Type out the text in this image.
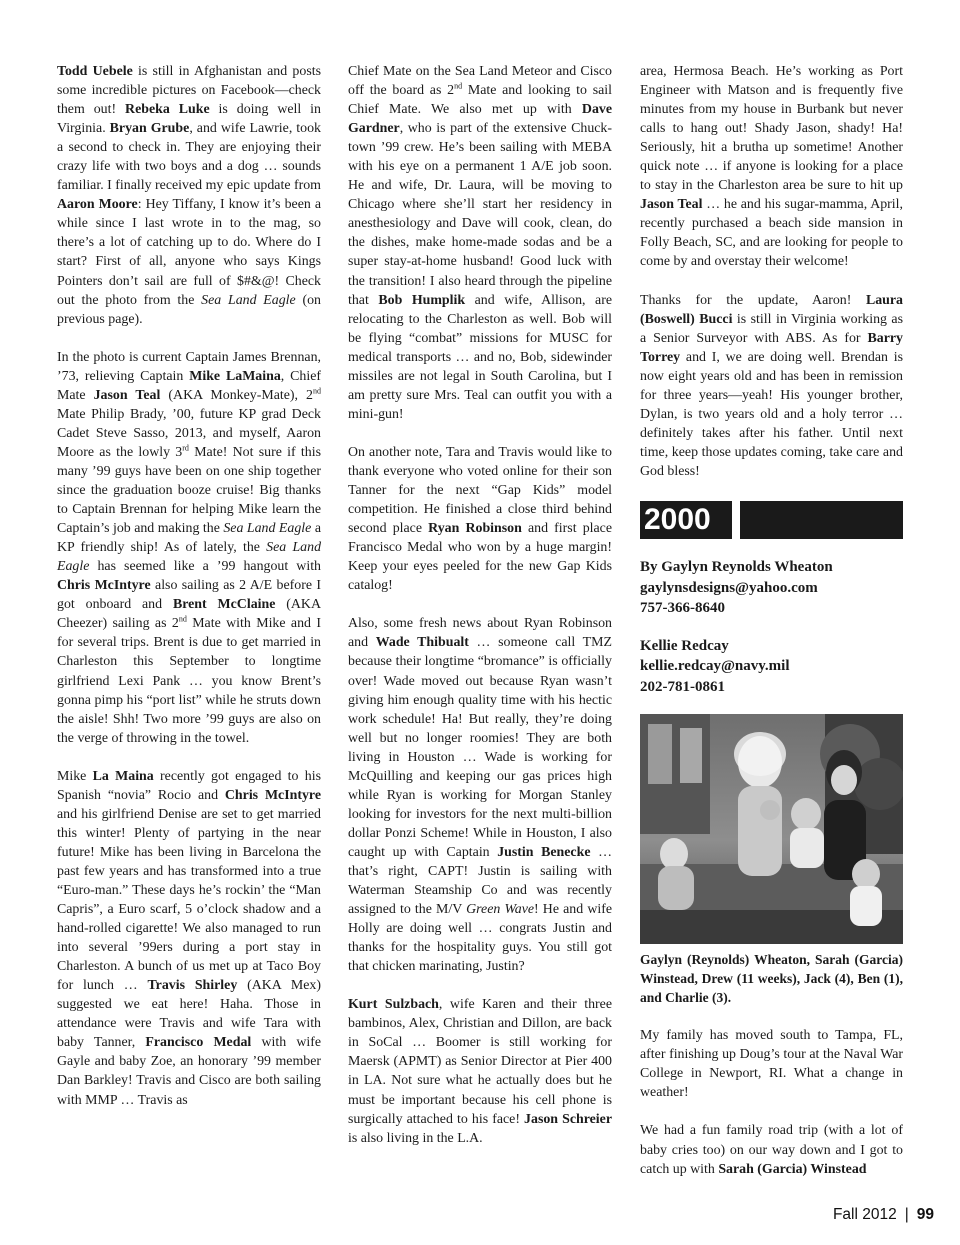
Todd Uebele is still in Afghanistan and posts some incredible pictures on Facebook—check them out! Rebeka Luke is doing well in Virginia. Bryan Grube, and wife Lawrie, took a second to check in. They are enjoying their crazy life with two boys and a dog … sounds familiar. I finally received my epic update from Aaron Moore: Hey Tiffany, I know it’s been a while since I last wrote in to the mag, so there’s a lot of catching up to do. Where do I start? First of all, anyone who says Kings Pointers don’t sail are full of $#&@! Check out the photo from the Sea Land Eagle (on previous page).

In the photo is current Captain James Brennan, ’73, relieving Captain Mike LaMaina, Chief Mate Jason Teal (AKA Monkey-Mate), 2nd Mate Philip Brady, ’00, future KP grad Deck Cadet Steve Sasso, 2013, and myself, Aaron Moore as the lowly 3rd Mate! Not sure if this many ’99 guys have been on one ship together since the graduation booze cruise! Big thanks to Captain Brennan for helping Mike learn the Captain’s job and making the Sea Land Eagle a KP friendly ship! As of lately, the Sea Land Eagle has seemed like a ’99 hangout with Chris McIntyre also sailing as 2 A/E before I got onboard and Brent McClaine (AKA Cheezer) sailing as 2nd Mate with Mike and I for several trips. Brent is due to get married in Charleston this September to longtime girlfriend Lexi Pank … you know Brent’s gonna pimp his “port list” while he struts down the aisle! Shh! Two more ’99 guys are also on the verge of throwing in the towel.

Mike La Maina recently got engaged to his Spanish “novia” Rocio and Chris McIntyre and his girlfriend Denise are set to get married this winter! Plenty of partying in the near future! Mike has been living in Barcelona the past few years and has transformed into a true “Euro-man.” These days he’s rockin’ the “Man Capris”, a Euro scarf, 5 o’clock shadow and a hand-rolled cigarette! We also managed to run into several ’99ers during a port stay in Charleston. A bunch of us met up at Taco Boy for lunch … Travis Shirley (AKA Mex) suggested we eat here! Haha. Those in attendance were Travis and wife Tara with baby Tanner, Francisco Medal with wife Gayle and baby Zoe, an honorary ’99 member Dan Barkley! Travis and Cisco are both sailing with MMP … Travis as

Chief Mate on the Sea Land Meteor and Cisco off the board as 2nd Mate and looking to sail Chief Mate. We also met up with Dave Gardner, who is part of the extensive Chuck-town ’99 crew. He’s been sailing with MEBA with his eye on a permanent 1 A/E job soon. He and wife, Dr. Laura, will be moving to Chicago where she’ll start her residency in anesthesiology and Dave will cook, clean, do the dishes, make home-made sodas and be a super stay-at-home husband! Good luck with the transition! I also heard through the pipeline that Bob Humplik and wife, Allison, are relocating to the Charleston as well. Bob will be flying “combat” missions for MUSC for medical transports … and no, Bob, sidewinder missiles are not legal in South Carolina, but I am pretty sure Mrs. Teal can outfit you with a mini-gun!

On another note, Tara and Travis would like to thank everyone who voted online for their son Tanner for the next “Gap Kids” model competition. He finished a close third behind second place Ryan Robinson and first place Francisco Medal who won by a huge margin! Keep your eyes peeled for the new Gap Kids catalog!

Also, some fresh news about Ryan Robinson and Wade Thibualt … someone call TMZ because their longtime “bromance” is officially over! Wade moved out because Ryan wasn’t giving him enough quality time with his hectic work schedule! Ha! But really, they’re doing well but no longer roomies! They are both living in Houston … Wade is working for McQuilling and keeping our gas prices high while Ryan is working for Morgan Stanley looking for investors for the next multi-billion dollar Ponzi Scheme! While in Houston, I also caught up with Captain Justin Benecke … that’s right, CAPT! Justin is sailing with Waterman Steamship Co and was recently assigned to the M/V Green Wave! He and wife Holly are doing well … congrats Justin and thanks for the hospitality guys. You still got that chicken marinating, Justin?

Kurt Sulzbach, wife Karen and their three bambinos, Alex, Christian and Dillon, are back in SoCal … Boomer is still working for Maersk (APMT) as Senior Director at Pier 400 in LA. Not sure what he actually does but he must be important because his cell phone is surgically attached to his face! Jason Schreier is also living in the L.A.

area, Hermosa Beach. He’s working as Port Engineer with Matson and is frequently five minutes from my house in Burbank but never calls to hang out! Shady Jason, shady! Ha! Seriously, hit a brutha up sometime! Another quick note … if anyone is looking for a place to stay in the Charleston area be sure to hit up Jason Teal … he and his sugar-mamma, April, recently purchased a beach side mansion in Folly Beach, SC, and are looking for people to come by and overstay their welcome!

Thanks for the update, Aaron! Laura (Boswell) Bucci is still in Virginia working as a Senior Surveyor with ABS. As for Barry Torrey and I, we are doing well. Brendan is now eight years old and has been in remission for three years—yeah! His younger brother, Dylan, is two years old and a holy terror … definitely takes after his father. Until next time, keep those updates coming, take care and God bless!

2000
By Gaylyn Reynolds Wheaton
gaylynsdesigns@yahoo.com
757-366-8640
Kellie Redcay
kellie.redcay@navy.mil
202-781-0861

Gaylyn (Reynolds) Wheaton, Sarah (Garcia) Winstead, Drew (11 weeks), Jack (4), Ben (1), and Charlie (3).

My family has moved south to Tampa, FL, after finishing up Doug’s tour at the Naval War College in Newport, RI. What a change in weather!

We had a fun family road trip (with a lot of baby cries too) on our way down and I got to catch up with Sarah (Garcia) Winstead

Fall 2012 | 99
